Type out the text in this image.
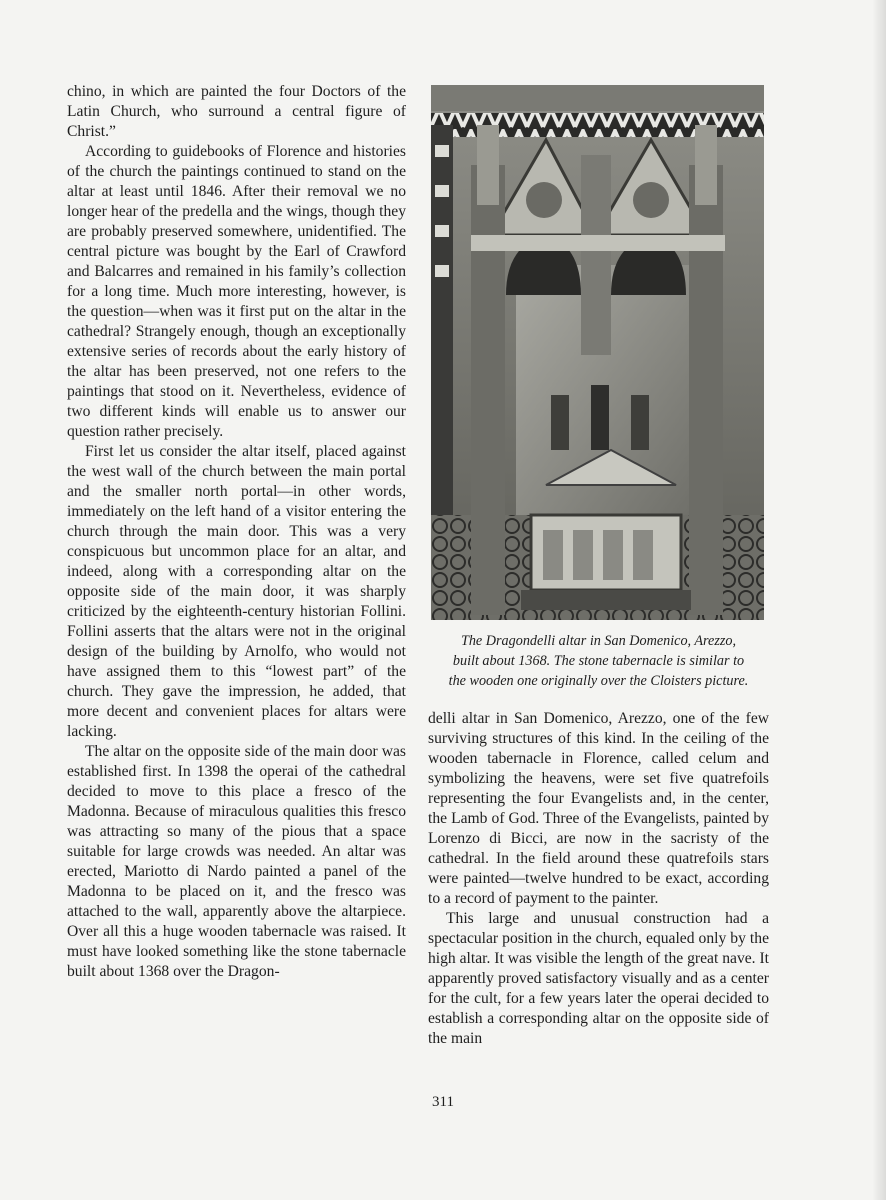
chino, in which are painted the four Doctors of the Latin Church, who surround a central figure of Christ.”

According to guidebooks of Florence and histories of the church the paintings continued to stand on the altar at least until 1846. After their removal we no longer hear of the predella and the wings, though they are probably preserved somewhere, unidentified. The central picture was bought by the Earl of Crawford and Balcarres and remained in his family’s collection for a long time. Much more interesting, however, is the question—when was it first put on the altar in the cathedral? Strangely enough, though an exceptionally extensive series of records about the early history of the altar has been preserved, not one refers to the paintings that stood on it. Nevertheless, evidence of two different kinds will enable us to answer our question rather precisely.

First let us consider the altar itself, placed against the west wall of the church between the main portal and the smaller north portal—in other words, immediately on the left hand of a visitor entering the church through the main door. This was a very conspicuous but uncommon place for an altar, and indeed, along with a corresponding altar on the opposite side of the main door, it was sharply criticized by the eighteenth-century historian Follini. Follini asserts that the altars were not in the original design of the building by Arnolfo, who would not have assigned them to this “lowest part” of the church. They gave the impression, he added, that more decent and convenient places for altars were lacking.

The altar on the opposite side of the main door was established first. In 1398 the operai of the cathedral decided to move to this place a fresco of the Madonna. Because of miraculous qualities this fresco was attracting so many of the pious that a space suitable for large crowds was needed. An altar was erected, Mariotto di Nardo painted a panel of the Madonna to be placed on it, and the fresco was attached to the wall, apparently above the altarpiece. Over all this a huge wooden tabernacle was raised. It must have looked something like the stone tabernacle built about 1368 over the Dragon-

The Dragondelli altar in San Domenico, Arezzo,
built about 1368. The stone tabernacle is similar to
the wooden one originally over the Cloisters picture.

delli altar in San Domenico, Arezzo, one of the few surviving structures of this kind. In the ceiling of the wooden tabernacle in Florence, called celum and symbolizing the heavens, were set five quatrefoils representing the four Evangelists and, in the center, the Lamb of God. Three of the Evangelists, painted by Lorenzo di Bicci, are now in the sacristy of the cathedral. In the field around these quatrefoils stars were painted—twelve hundred to be exact, according to a record of payment to the painter.

This large and unusual construction had a spectacular position in the church, equaled only by the high altar. It was visible the length of the great nave. It apparently proved satisfactory visually and as a center for the cult, for a few years later the operai decided to establish a corresponding altar on the opposite side of the main

311
